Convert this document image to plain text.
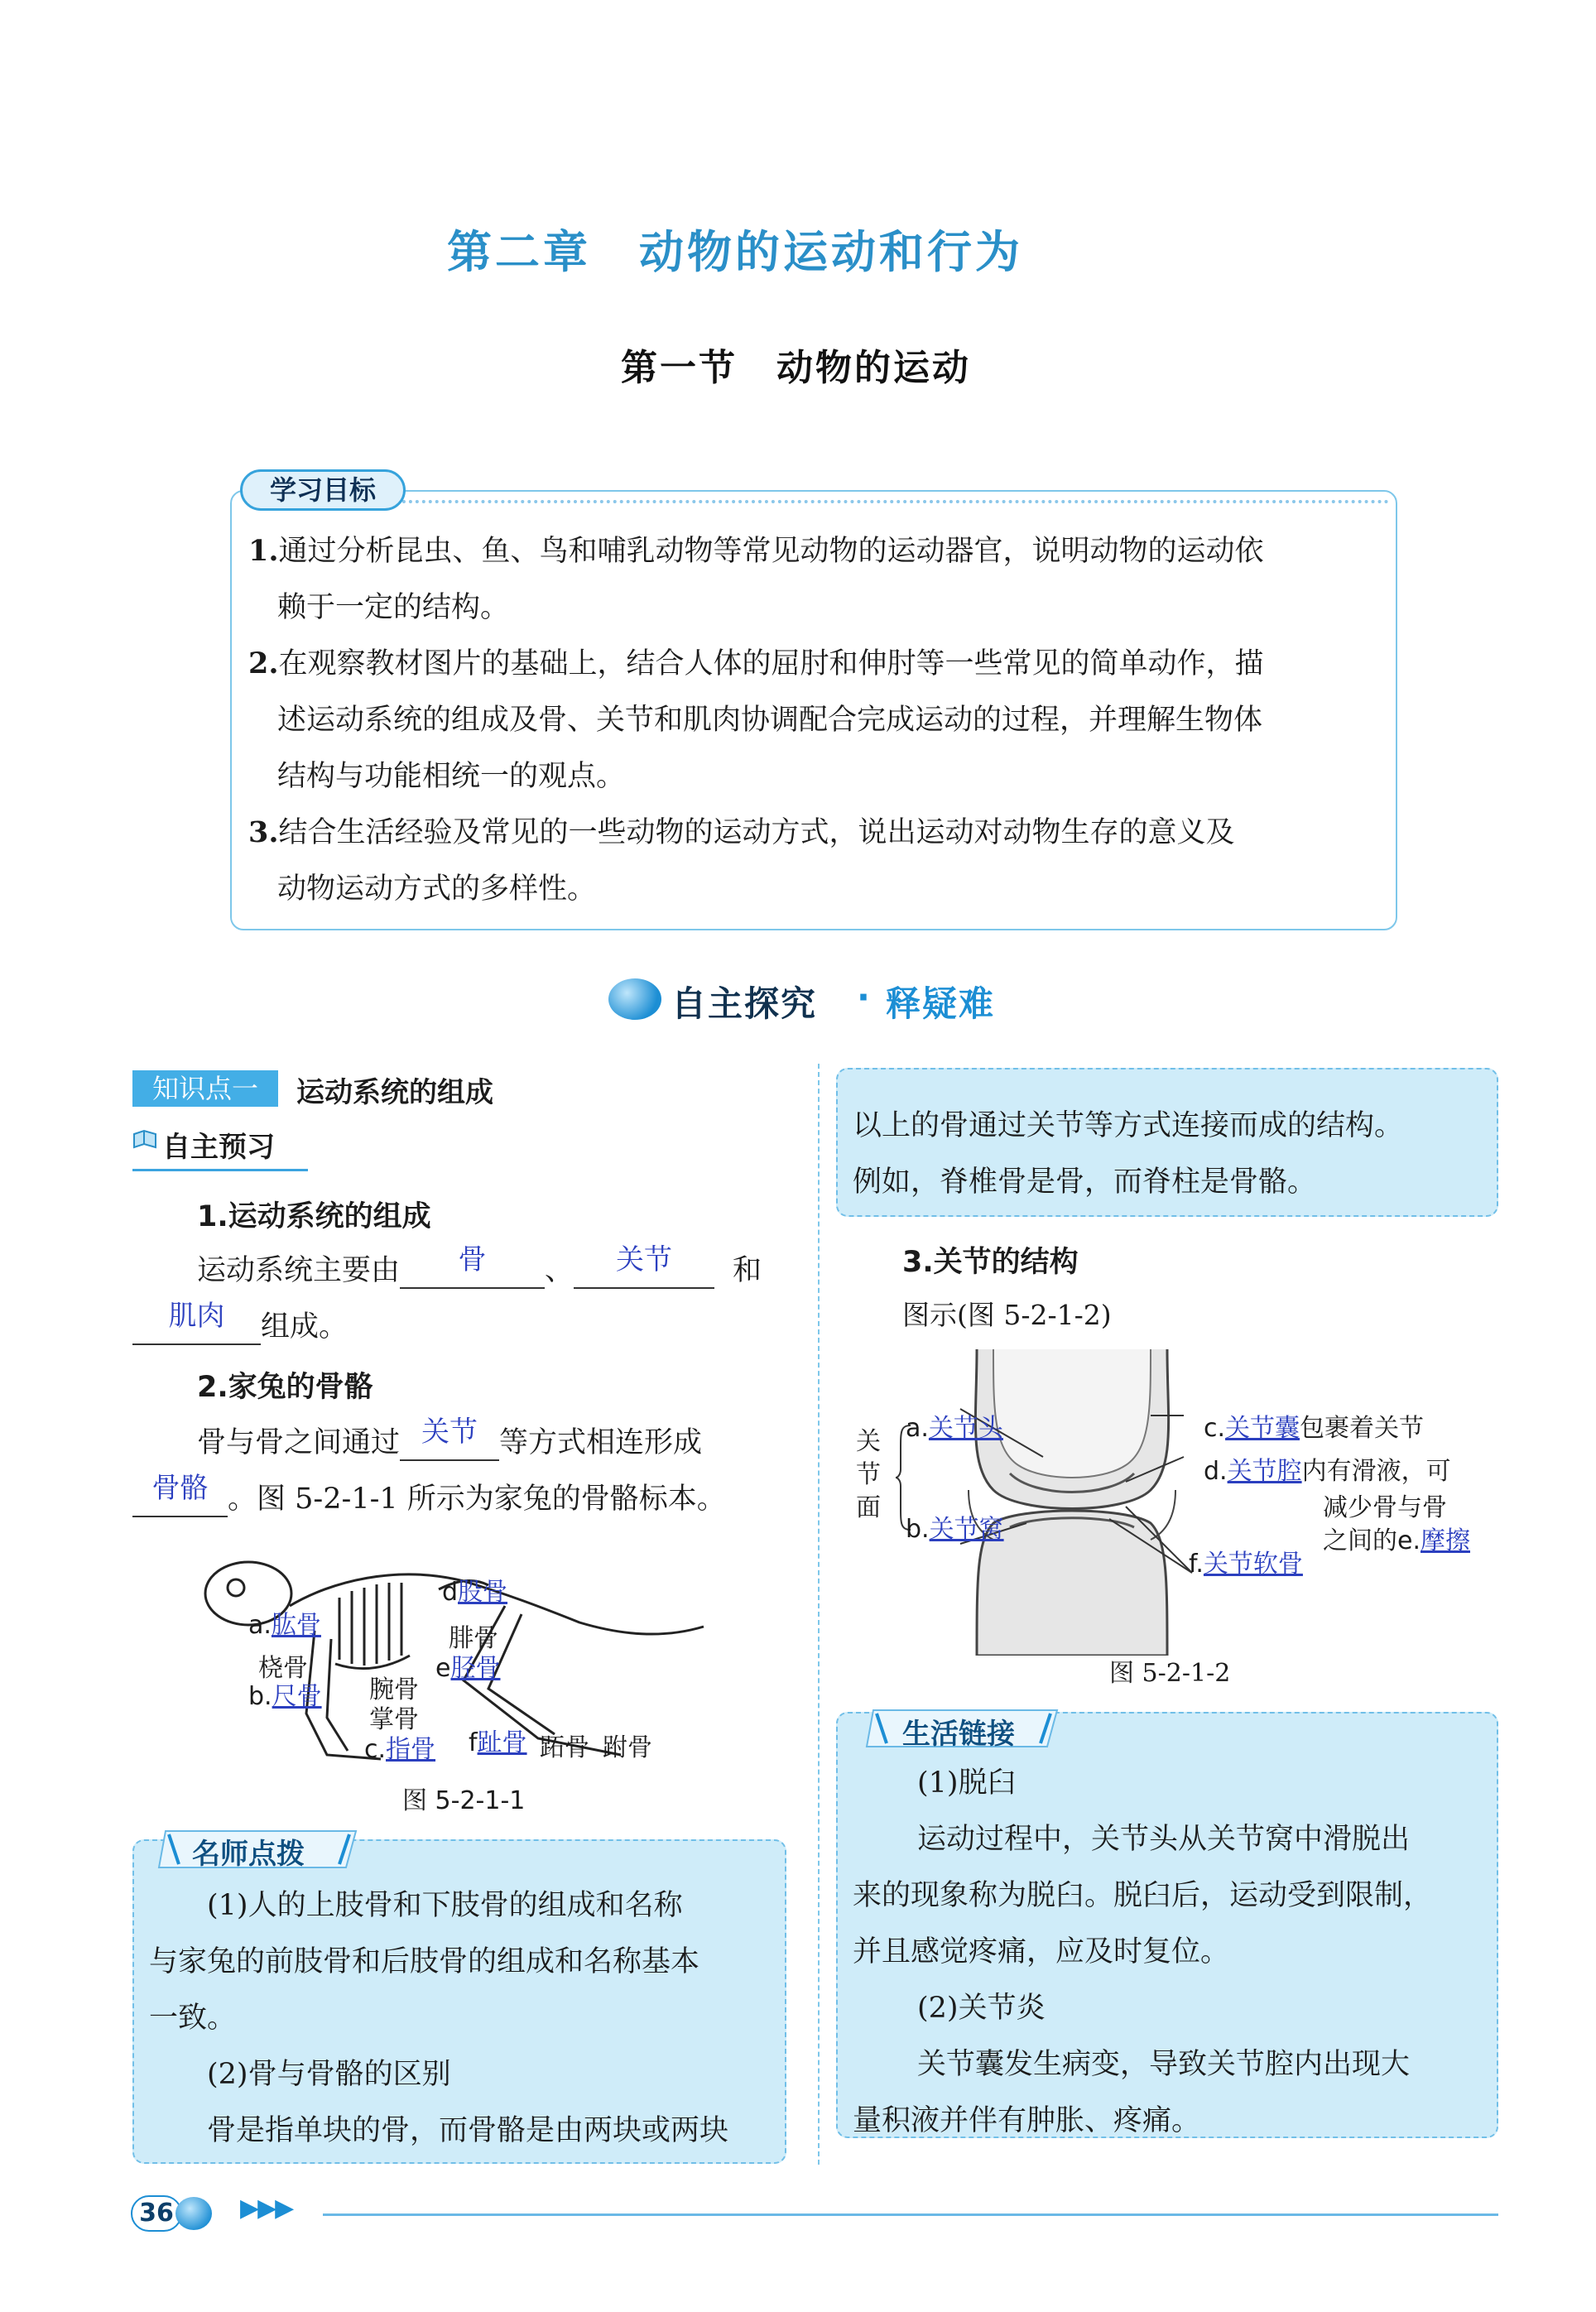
第二章　动物的运动和行为
第一节　动物的运动
学习目标
1.通过分析昆虫、鱼、鸟和哺乳动物等常见动物的运动器官，说明动物的运动依
赖于一定的结构。
2.在观察教材图片的基础上，结合人体的屈肘和伸肘等一些常见的简单动作，描
述运动系统的组成及骨、关节和肌肉协调配合完成运动的过程，并理解生物体
结构与功能相统一的观点。
3.结合生活经验及常见的一些动物的运动方式，说出运动对动物生存的意义及
动物运动方式的多样性。
自主探究 · 释疑难
知识点一	运动系统的组成
自主预习
1.运动系统的组成
运动系统主要由 骨 、 关节 和
肌肉 组成。
2.家兔的骨骼
骨与骨之间通过 关节 等方式相连形成
骨骼 。图 5-2-1-1 所示为家兔的骨骼标本。
a.肱骨
桡骨
b.尺骨 腕骨
掌骨
c.指骨
d股骨
腓骨
e胫骨
f趾骨 跖骨 跗骨
图 5-2-1-1
名师点拨
(1)人的上肢骨和下肢骨的组成和名称
与家兔的前肢骨和后肢骨的组成和名称基本
一致。
(2)骨与骨骼的区别
骨是指单块的骨，而骨骼是由两块或两块
以上的骨通过关节等方式连接而成的结构。
例如，脊椎骨是骨，而脊柱是骨骼。
3.关节的结构
图示(图 5-2-1-2)
关节面
a.关节头
b.关节窝
c.关节囊包裹着关节
d.关节腔内有滑液，可
减少骨与骨
之间的e.摩擦
f.关节软骨
图 5-2-1-2
生活链接
(1)脱臼
运动过程中，关节头从关节窝中滑脱出
来的现象称为脱臼。脱臼后，运动受到限制，
并且感觉疼痛，应及时复位。
(2)关节炎
关节囊发生病变，导致关节腔内出现大
量积液并伴有肿胀、疼痛。
36	▶▶▶
